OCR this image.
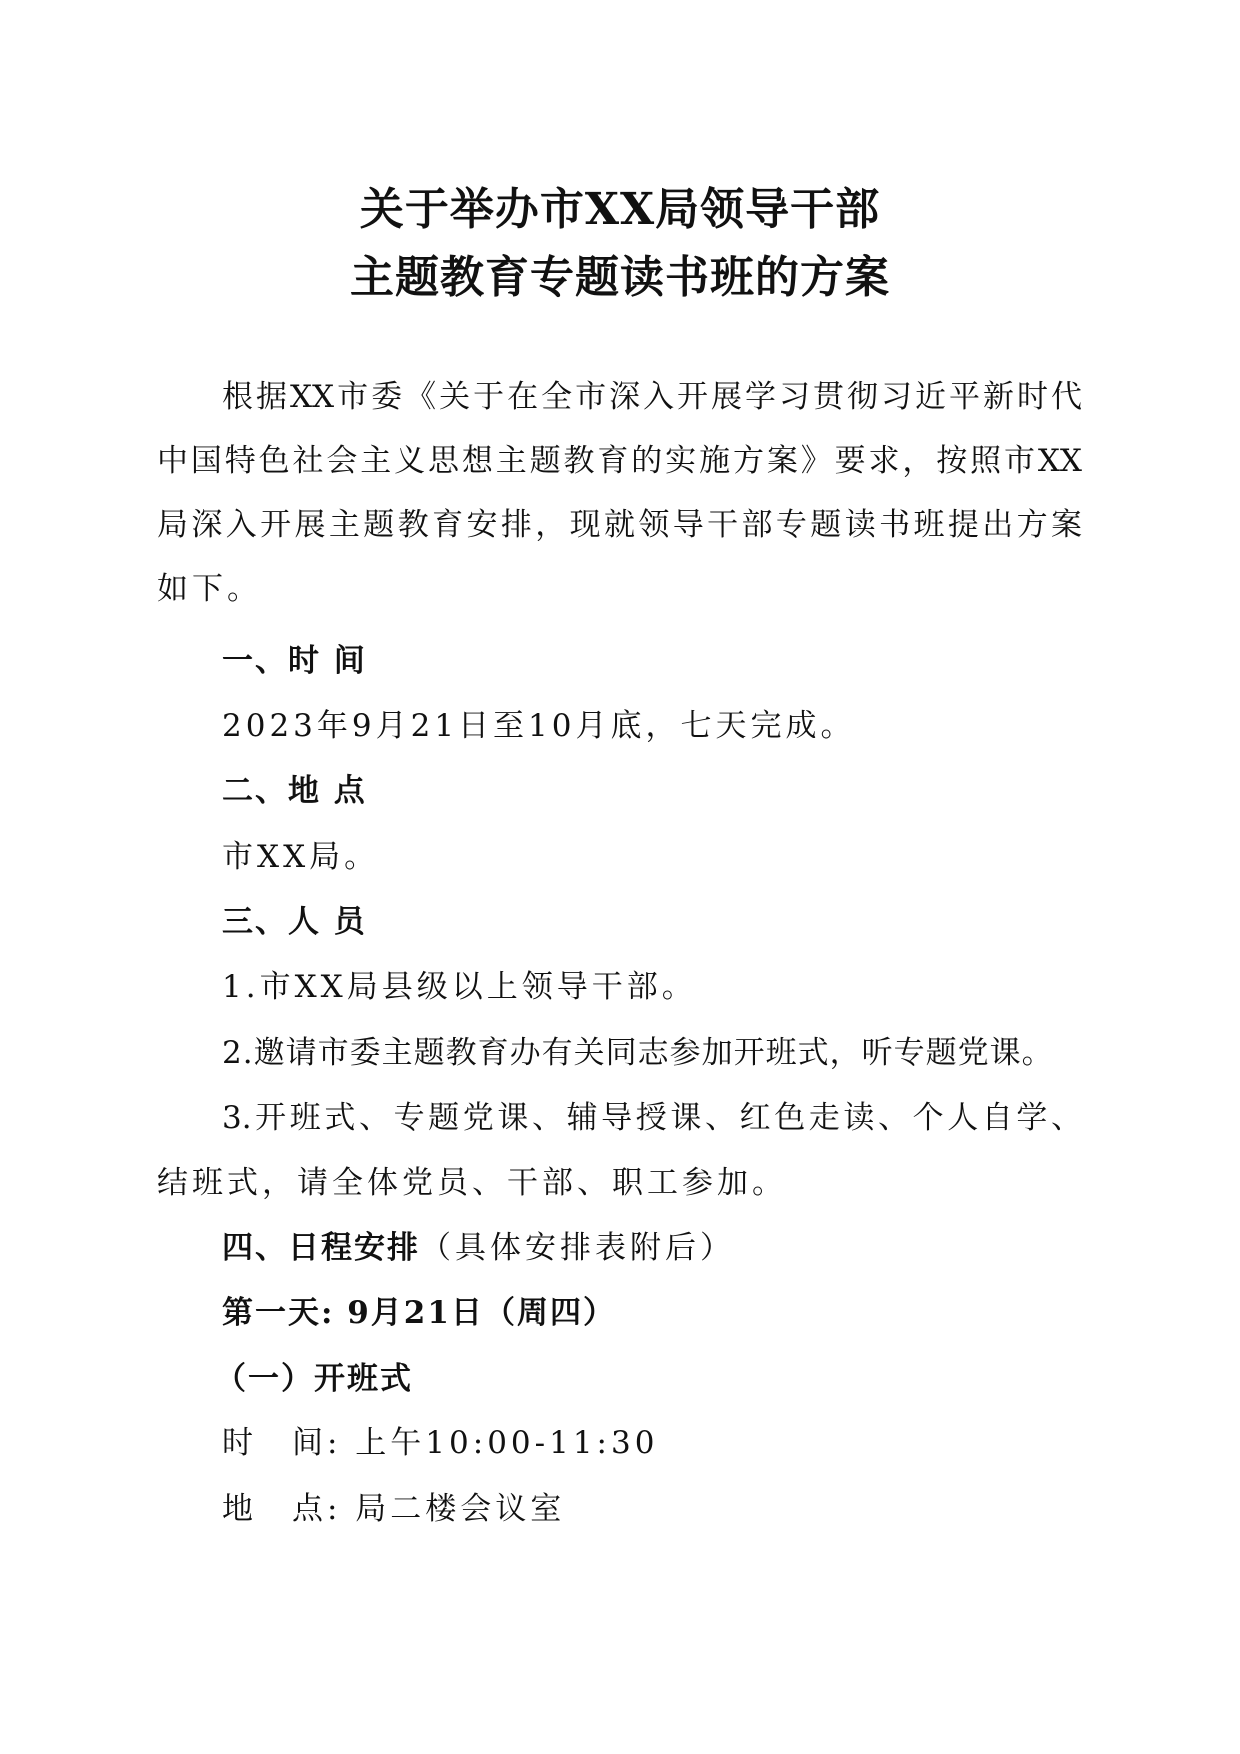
关于举办市XX局领导干部
主题教育专题读书班的方案
根据XX市委《关于在全市深入开展学习贯彻习近平新时代
中国特色社会主义思想主题教育的实施方案》要求，按照市XX
局深入开展主题教育安排，现就领导干部专题读书班提出方案
如下。
一、时 间
2023年9月21日至10月底，七天完成。
二、地 点
市XX局。
三、人 员
1.市XX局县级以上领导干部。
2.邀请市委主题教育办有关同志参加开班式，听专题党课。
3.开班式、专题党课、辅导授课、红色走读、个人自学、
结班式，请全体党员、干部、职工参加。
四、日程安排（具体安排表附后）
第一天: 9月21日（周四）
（一）开班式
时　间: 上午10:00-11:30
地　点: 局二楼会议室
